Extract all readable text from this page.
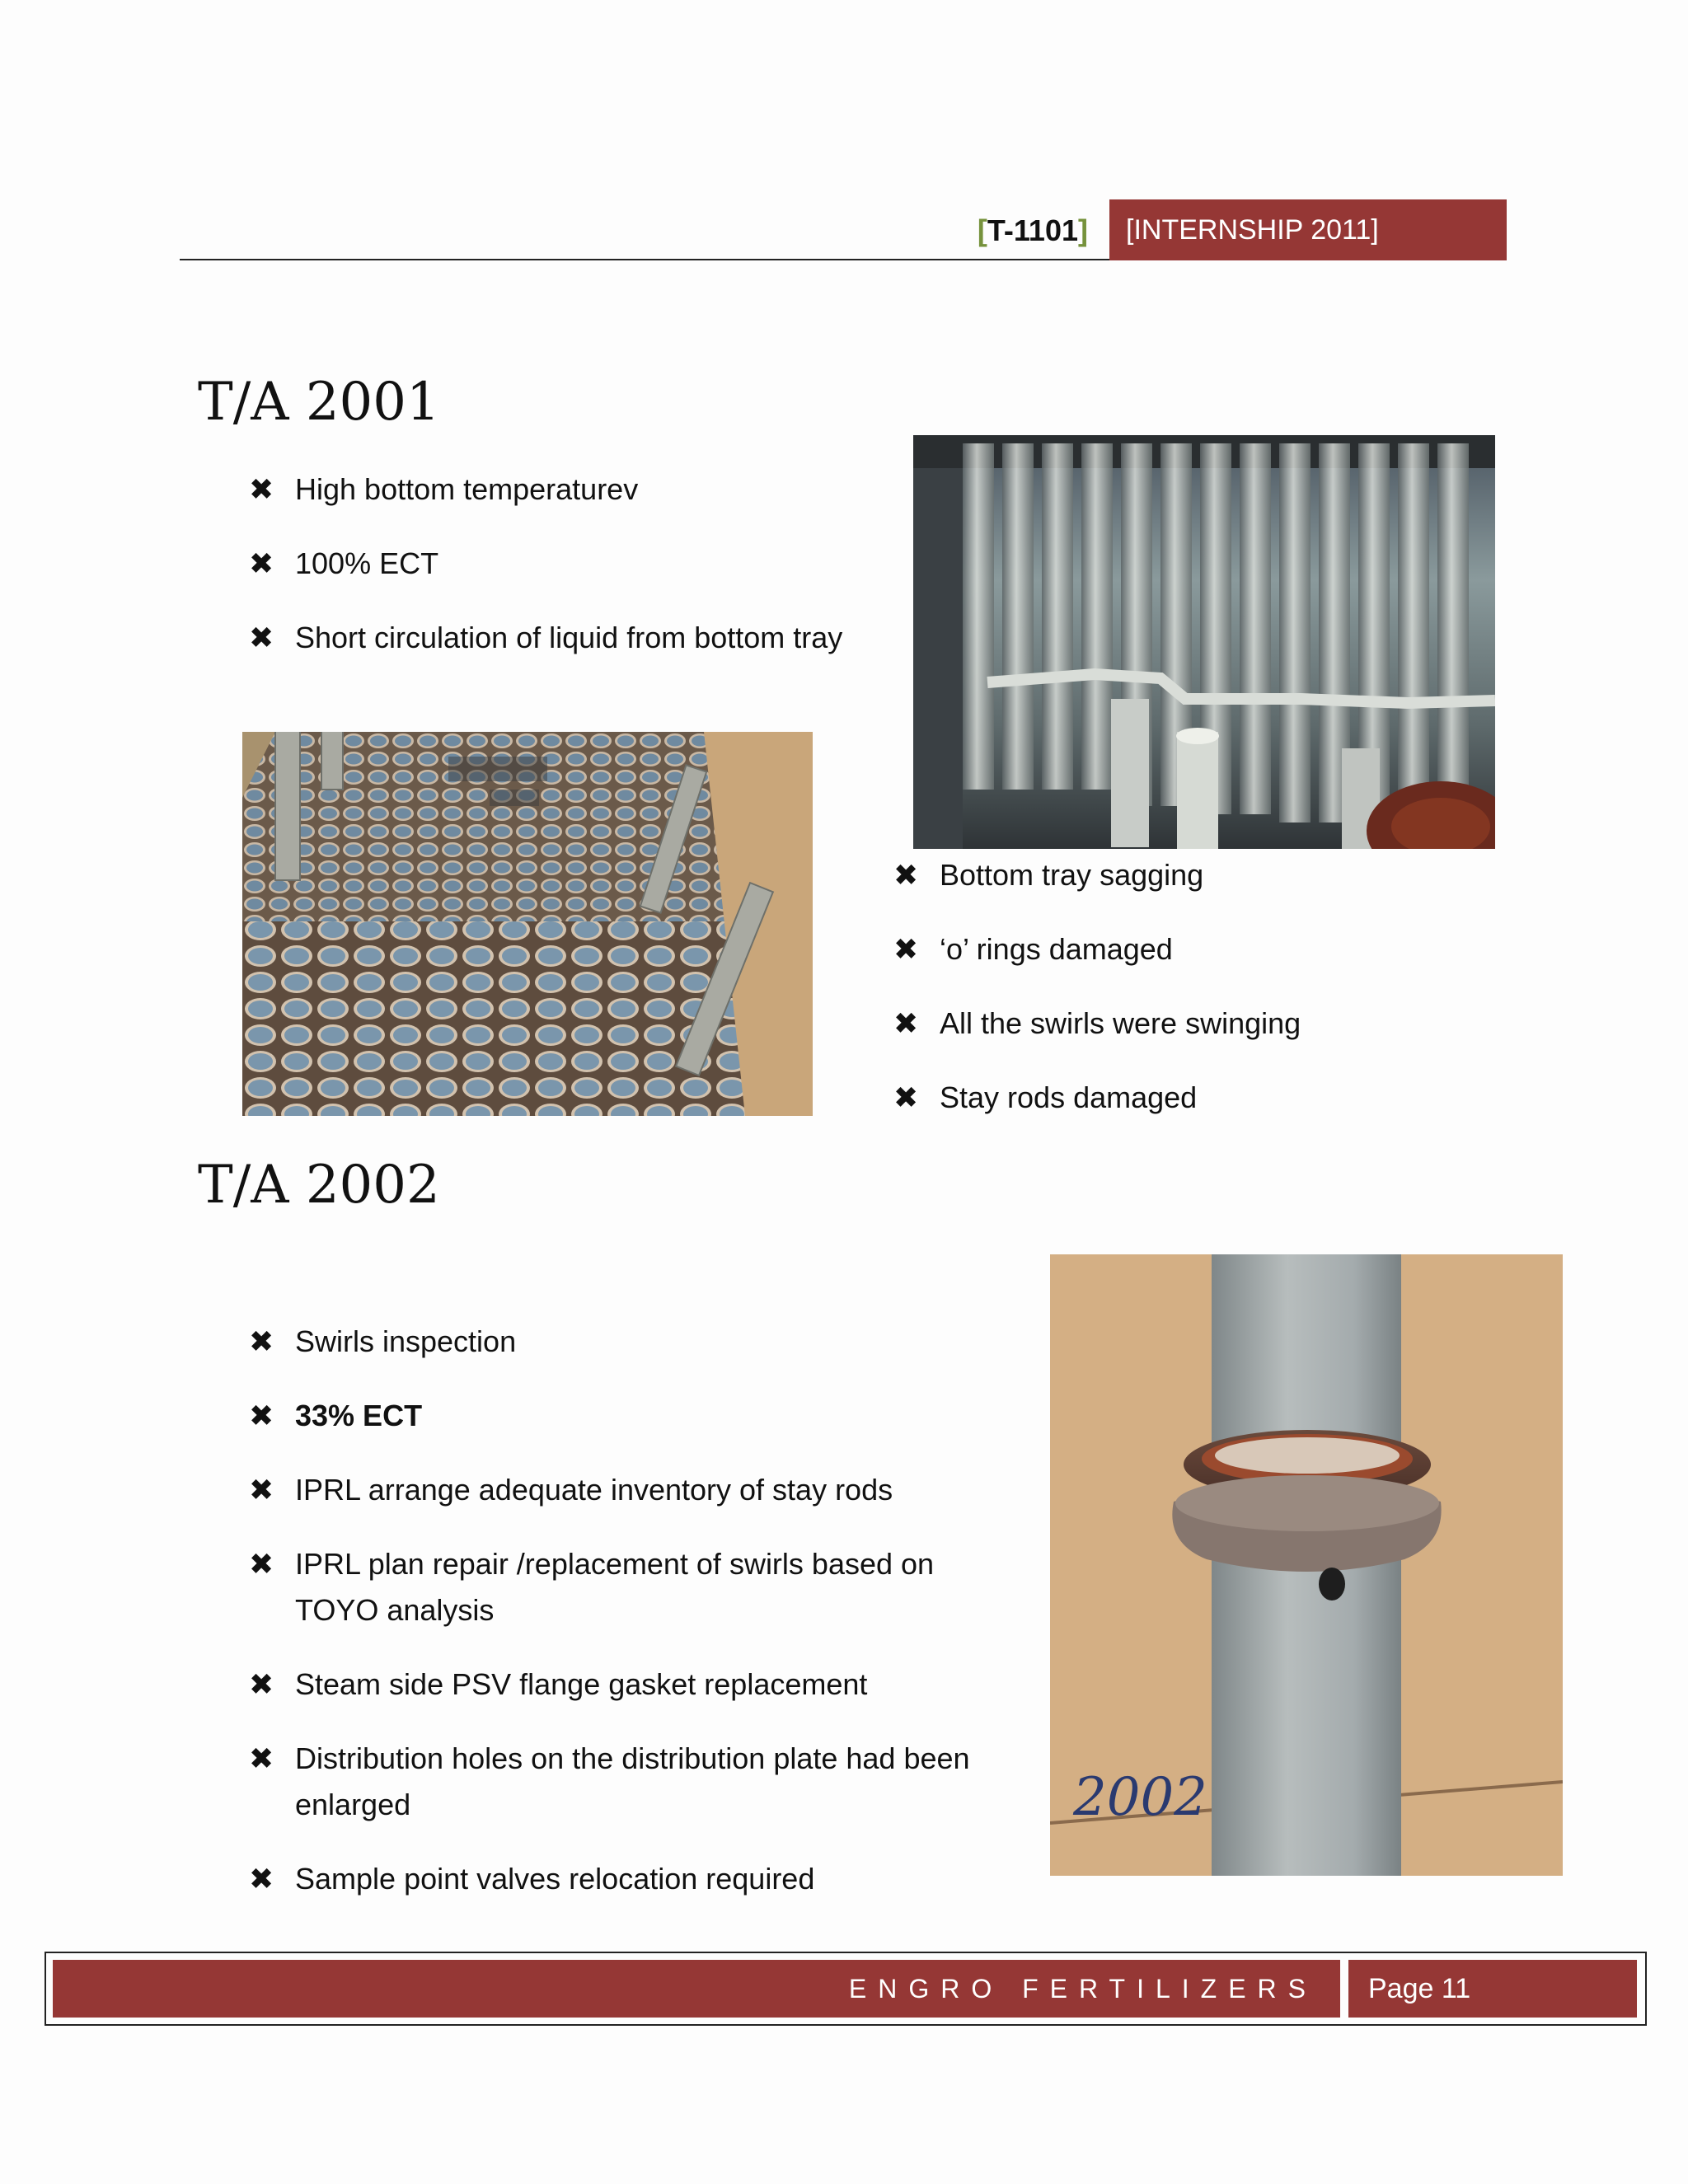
[T-1101]	[INTERNSHIP 2011]
T/A 2001
✖ High bottom temperaturev
✖ 100% ECT
✖ Short circulation of liquid from bottom tray
✖ Bottom tray sagging
✖ ‘o’ rings damaged
✖ All the swirls were swinging
✖ Stay rods damaged
T/A 2002
✖ Swirls inspection
✖ 33% ECT
✖ IPRL arrange adequate inventory of stay rods
✖ IPRL plan repair /replacement of swirls based on
TOYO analysis
✖ Steam side PSV flange gasket replacement
✖ Distribution holes on the distribution plate had been
enlarged
✖ Sample point valves relocation required
2002
ENGRO FERTILIZERS	Page 11
